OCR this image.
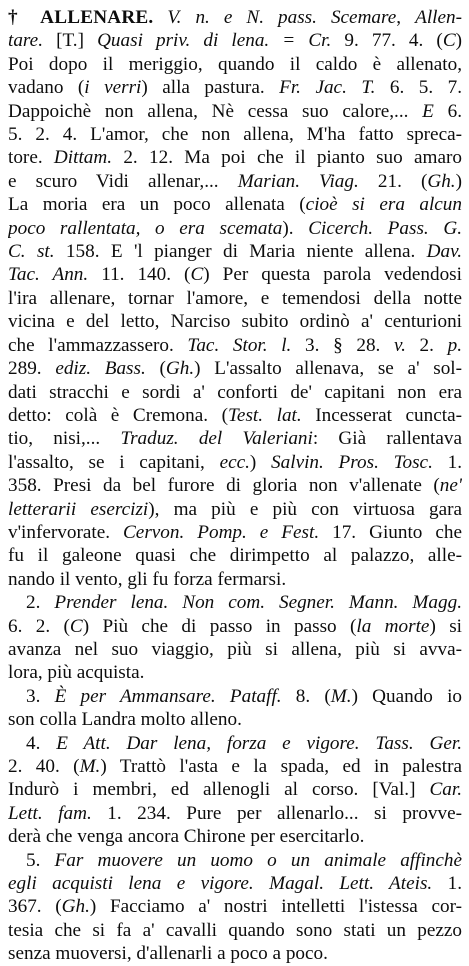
† ALLENARE. V. n. e N. pass. Scemare, Allen-
tare. [T.] Quasi priv. di lena. = Cr. 9. 77. 4. (C)
Poi dopo il meriggio, quando il caldo è allenato,
vadano (i verri) alla pastura. Fr. Jac. T. 6. 5. 7.
Dappoichè non allena, Nè cessa suo calore,... E 6.
5. 2. 4. L'amor, che non allena, M'ha fatto sprecа-
tore. Dittam. 2. 12. Ma poi che il pianto suo amaro
e scuro Vidi allenar,... Marian. Viag. 21. (Gh.)
La moria era un poco allenata (cioè si era alcun
poco rallentata, o era scemata). Cicerch. Pass. G.
C. st. 158. E 'l pianger di Maria niente allena. Dav.
Tac. Ann. 11. 140. (C) Per questa parola vedendosi
l'ira allenare, tornar l'amore, e temendosi della notte
vicina e del letto, Narciso subito ordinò a' centurioni
che l'ammazzassero. Tac. Stor. l. 3. § 28. v. 2. p.
289. ediz. Bass. (Gh.) L'assalto allenava, se a' sol-
dati stracchi e sordi a' conforti de' capitani non era
detto: colà è Cremona. (Test. lat. Incesserat cuncta-
tio, nisi,... Traduz. del Valeriani: Già rallentava
l'assalto, se i capitani, ecc.) Salvin. Pros. Tosc. 1.
358. Presi da bel furore di gloria non v'allenate (ne'
letterarii esercizi), ma più e più con virtuosa gara
v'infervorate. Cervon. Pomp. e Fest. 17. Giunto che
fu il galeone quasi che dirimpetto al palazzo, alle-
nando il vento, gli fu forza fermarsi.
2. Prender lena. Non com. Segner. Mann. Magg.
6. 2. (C) Più che di passo in passo (la morte) si
avanza nel suo viaggio, più si allena, più si avva-
lora, più acquista.
3. È per Ammansare. Pataff. 8. (M.) Quando io
son colla Landra molto alleno.
4. E Att. Dar lena, forza e vigore. Tass. Ger.
2. 40. (M.) Trattò l'asta e la spada, ed in palestra
Indurò i membri, ed allenogli al corso. [Val.] Car.
Lett. fam. 1. 234. Pure per allenarlo... si provve-
derà che venga ancora Chirone per esercitarlo.
5. Far muovere un uomo o un animale affinchè
egli acquisti lena e vigore. Magal. Lett. Ateis. 1.
367. (Gh.) Facciamo a' nostri intelletti l'istessa cor-
tesia che si fa a' cavalli quando sono stati un pezzo
senza muoversi, d'allenarli a poco a poco.
